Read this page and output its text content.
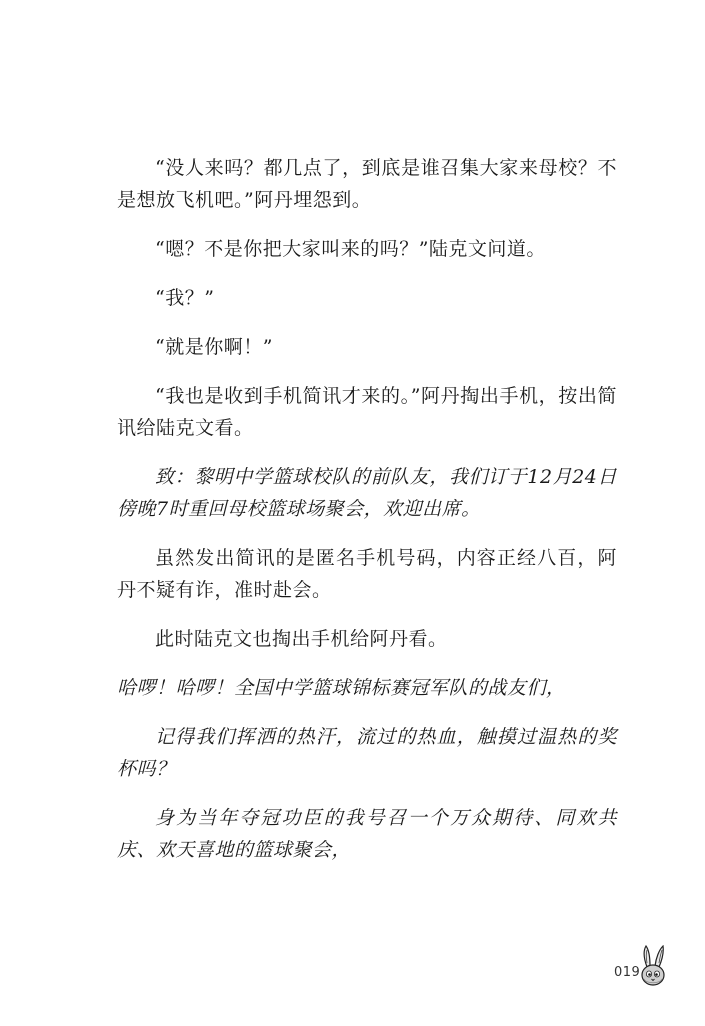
“没人来吗？都几点了，到底是谁召集大家来母校？不是想放飞机吧。”阿丹埋怨到。

“嗯？不是你把大家叫来的吗？”陆克文问道。

“我？”

“就是你啊！”

“我也是收到手机简讯才来的。”阿丹掏出手机，按出简讯给陆克文看。

致：黎明中学篮球校队的前队友，我们订于12月24日傍晚7时重回母校篮球场聚会，欢迎出席。

虽然发出简讯的是匿名手机号码，内容正经八百，阿丹不疑有诈，准时赴会。

此时陆克文也掏出手机给阿丹看。

哈啰！哈啰！全国中学篮球锦标赛冠军队的战友们，

记得我们挥洒的热汗，流过的热血，触摸过温热的奖杯吗？

身为当年夺冠功臣的我号召一个万众期待、同欢共庆、欢天喜地的篮球聚会，

019
